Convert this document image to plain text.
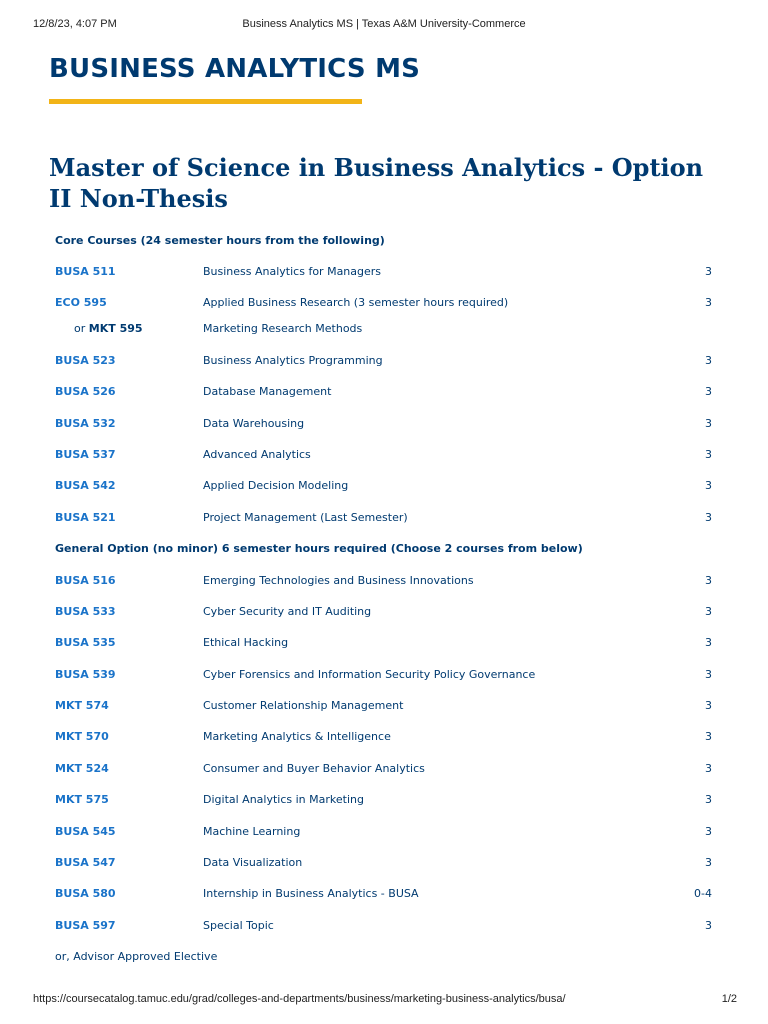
12/8/23, 4:07 PM	Business Analytics MS | Texas A&M University-Commerce
BUSINESS ANALYTICS MS
Master of Science in Business Analytics - Option II Non-Thesis
Core Courses (24 semester hours from the following)
BUSA 511	Business Analytics for Managers	3
ECO 595	Applied Business Research (3 semester hours required)	3
or MKT 595	Marketing Research Methods
BUSA 523	Business Analytics Programming	3
BUSA 526	Database Management	3
BUSA 532	Data Warehousing	3
BUSA 537	Advanced Analytics	3
BUSA 542	Applied Decision Modeling	3
BUSA 521	Project Management (Last Semester)	3
General Option (no minor) 6 semester hours required (Choose 2 courses from below)
BUSA 516	Emerging Technologies and Business Innovations	3
BUSA 533	Cyber Security and IT Auditing	3
BUSA 535	Ethical Hacking	3
BUSA 539	Cyber Forensics and Information Security Policy Governance	3
MKT 574	Customer Relationship Management	3
MKT 570	Marketing Analytics & Intelligence	3
MKT 524	Consumer and Buyer Behavior Analytics	3
MKT 575	Digital Analytics in Marketing	3
BUSA 545	Machine Learning	3
BUSA 547	Data Visualization	3
BUSA 580	Internship in Business Analytics - BUSA	0-4
BUSA 597	Special Topic	3
or, Advisor Approved Elective
https://coursecatalog.tamuc.edu/grad/colleges-and-departments/business/marketing-business-analytics/busa/	1/2
